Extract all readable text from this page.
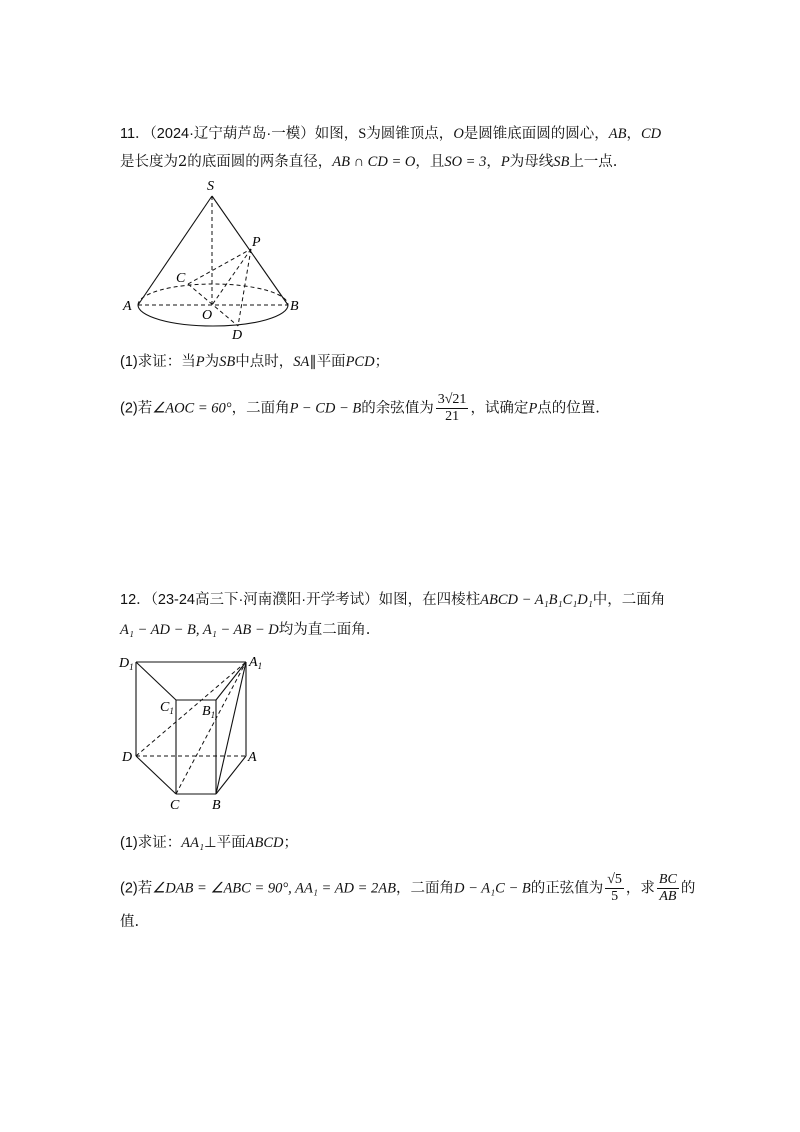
11．（2024·辽宁葫芦岛·一模）如图，S为圆锥顶点，O是圆锥底面圆的圆心，AB，CD
是长度为2的底面圆的两条直径，AB ∩ CD = O，且SO = 3，P为母线SB上一点.
S
P
C
A
O
B
D
(1)求证：当P为SB中点时，SA∥平面PCD；
(2)若∠AOC = 60°，二面角P − CD − B的余弦值为 $\frac{3√21}{21}$ ，试确定P点的位置.
12．（23-24高三下·河南濮阳·开学考试）如图，在四棱柱ABCD − A₁B₁C₁D₁中，二面角
A₁ − AD − B, A₁ − AB − D均为直二面角.
$D_1$	$A_1$
$C_1$ $B_1$
D	A
C B
(1)求证：AA₁⊥平面ABCD；
(2)若∠DAB = ∠ABC = 90°, AA₁ = AD = 2AB，二面角D − A₁C − B的正弦值为 $\frac{√5}{5}$ ，求 $\frac{BC}{AB}$ 的
值.
